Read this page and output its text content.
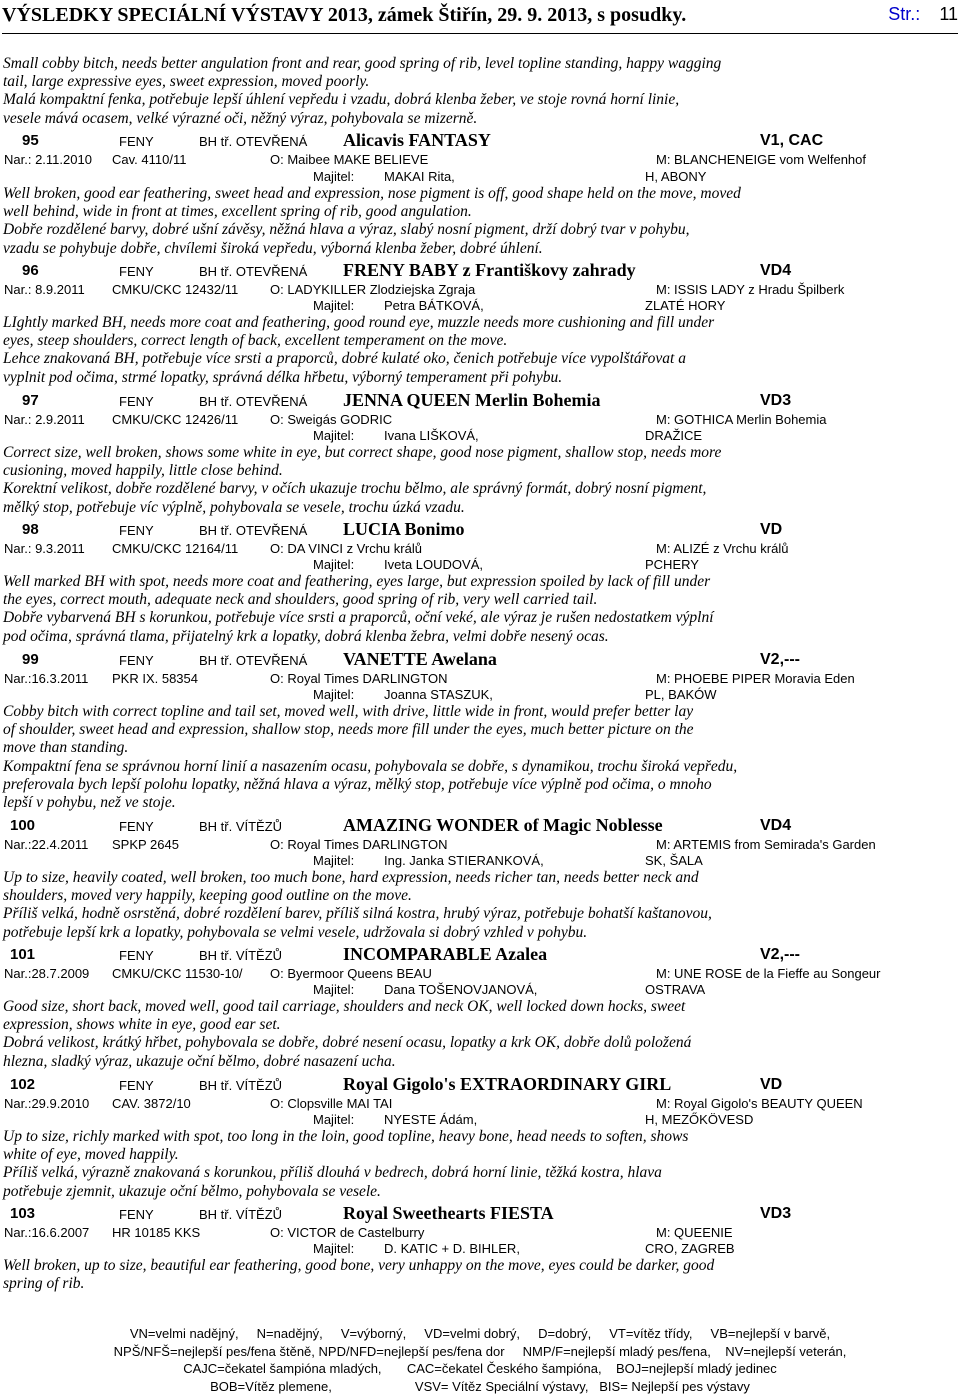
VÝSLEDKY SPECIÁLNÍ VÝSTAVY 2013, zámek Štiřín, 29. 9. 2013, s posudky.	Str.: 11
Small cobby bitch, needs better angulation front and rear, good spring of rib, level topline standing, happy wagging
tail, large expressive eyes, sweet expression, moved poorly.
Malá kompaktní fenka, potřebuje lepší úhlení vepředu i vzadu, dobrá klenba žeber, ve stoje rovná horní linie,
vesele mává ocasem, velké výrazné oči, něžný výraz, pohybovala se mizerně.
95	FENY	BH tř. OTEVŘENÁ Alicavis FANTASY	V1, CAC
Nar.: 2.11.2010 Cav. 4110/11	O: Maibee MAKE BELIEVE	M: BLANCHENEIGE vom Welfenhof
Majitel: MAKAI Rita,	H, ABONY
Well broken, good ear feathering, sweet head and expression, nose pigment is off, good shape held on the move, moved
well behind, wide in front at times, excellent spring of rib, good angulation.
Dobře rozdělené barvy, dobré ušní závěsy, něžná hlava a výraz, slabý nosní pigment, drží dobrý tvar v pohybu,
vzadu se pohybuje dobře, chvílemi široká vepředu, výborná klenba žeber, dobré úhlení.
96	FENY	BH tř. OTEVŘENÁ FRENY BABY z Františkovy zahrady	VD4
Nar.: 8.9.2011 CMKU/CKC 12432/11 O: LADYKILLER Zlodziejska Zgraja	M: ISSIS LADY z Hradu Špilberk
Majitel: Petra BÁTKOVÁ,	ZLATÉ HORY
LIghtly marked BH, needs more coat and feathering, good round eye, muzzle needs more cushioning and fill under
eyes, steep shoulders, correct length of back, excellent temperament on the move.
Lehce znakovaná BH, potřebuje více srsti a praporců, dobré kulaté oko, čenich potřebuje více vypolštářovat a
vyplnit pod očima, strmé lopatky, správná délka hřbetu, výborný temperament při pohybu.
97	FENY	BH tř. OTEVŘENÁ JENNA QUEEN Merlin Bohemia	VD3
Nar.: 2.9.2011 CMKU/CKC 12426/11 O: Sweigás GODRIC	M: GOTHICA Merlin Bohemia
Majitel: Ivana LIŠKOVÁ,	DRAŽICE
Correct size, well broken, shows some white in eye, but correct shape, good nose pigment, shallow stop, needs more
cusioning, moved happily, little close behind.
Korektní velikost, dobře rozdělené barvy, v očích ukazuje trochu bělmo, ale správný formát, dobrý nosní pigment,
mělký stop, potřebuje víc výplně, pohybovala se vesele, trochu úzká vzadu.
98	FENY	BH tř. OTEVŘENÁ LUCIA Bonimo	VD
Nar.: 9.3.2011 CMKU/CKC 12164/11 O: DA VINCI z Vrchu králů	M: ALIZÉ z Vrchu králů
Majitel: Iveta LOUDOVÁ,	PCHERY
Well marked BH with spot, needs more coat and feathering, eyes large, but expression spoiled by lack of fill under
the eyes, correct mouth, adequate neck and shoulders, good spring of rib, very well carried tail.
Dobře vybarvená BH s korunkou, potřebuje více srsti a praporců, oční veké, ale výraz je rušen nedostatkem výplní
pod očima, správná tlama, přijatelný krk a lopatky, dobrá klenba žebra, velmi dobře nesený ocas.
99	FENY	BH tř. OTEVŘENÁ VANETTE Awelana	V2,---
Nar.:16.3.2011 PKR IX. 58354	O: Royal Times DARLINGTON	M: PHOEBE PIPER Moravia Eden
Majitel: Joanna STASZUK,	PL, BAKÓW
Cobby bitch with correct topline and tail set, moved well, with drive, little wide in front, would prefer better lay
of shoulder, sweet head and expression, shallow stop, needs more fill under the eyes, much better picture on the
move than standing.
Kompaktní fena se správnou horní linií a nasazením ocasu, pohybovala se dobře, s dynamikou, trochu široká vepředu,
preferovala bych lepší polohu lopatky, něžná hlava a výraz, mělký stop, potřebuje více výplně pod očima, o mnoho
lepší v pohybu, než ve stoje.
100	FENY	BH tř. VÍTĚZŮ	AMAZING WONDER of Magic Noblesse	VD4
Nar.:22.4.2011 SPKP 2645	O: Royal Times DARLINGTON	M: ARTEMIS from Semirada's Garden
Majitel: Ing. Janka STIERANKOVÁ,	SK, ŠALA
Up to size, heavily coated, well broken, too much bone, hard expression, needs richer tan, needs better neck and
shoulders, moved very happily, keeping good outline on the move.
Příliš velká, hodně osrstěná, dobré rozdělení barev, příliš silná kostra, hrubý výraz, potřebuje bohatší kaštanovou,
potřebuje lepší krk a lopatky, pohybovala se velmi vesele, udržovala si dobrý vzhled v pohybu.
101	FENY	BH tř. VÍTĚZŮ	INCOMPARABLE Azalea	V2,---
Nar.:28.7.2009 CMKU/CKC 11530-10/ O: Byermoor Queens BEAU	M: UNE ROSE de la Fieffe au Songeur
Majitel: Dana TOŠENOVJANOVÁ,	OSTRAVA
Good size, short back, moved well, good tail carriage, shoulders and neck OK, well locked down hocks, sweet
expression, shows white in eye, good ear set.
Dobrá velikost, krátký hřbet, pohybovala se dobře, dobré nesení ocasu, lopatky a krk OK, dobře dolů položená
hlezna, sladký výraz, ukazuje oční bělmo, dobré nasazení ucha.
102	FENY	BH tř. VÍTĚZŮ	Royal Gigolo's EXTRAORDINARY GIRL	VD
Nar.:29.9.2010 CAV. 3872/10	O: Clopsville MAI TAI	M: Royal Gigolo's BEAUTY QUEEN
Majitel: NYESTE Ádám,	H, MEZŐKÖVESD
Up to size, richly marked with spot, too long in the loin, good topline, heavy bone, head needs to soften, shows
white of eye, moved happily.
Příliš velká, výrazně znakovaná s korunkou, příliš dlouhá v bedrech, dobrá horní linie, těžká kostra, hlava
potřebuje zjemnit, ukazuje oční bělmo, pohybovala se vesele.
103	FENY	BH tř. VÍTĚZŮ	Royal Sweethearts FIESTA	VD3
Nar.:16.6.2007 HR 10185 KKS	O: VICTOR de Castelburry	M: QUEENIE
Majitel: D. KATIC + D. BIHLER,	CRO, ZAGREB
Well broken, up to size, beautiful ear feathering, good bone, very unhappy on the move, eyes could be darker, good
spring of rib.
VN=velmi nadějný,     N=nadějný,     V=výborný,     VD=velmi dobrý,     D=dobrý,     VT=vítěz třídy,     VB=nejlepší v barvě,
NPŠ/NFŠ=nejlepší pes/fena štěně, NPD/NFD=nejlepší pes/fena dor     NMP/F=nejlepší mladý pes/fena,    NV=nejlepší veterán,
CAJC=čekatel šampióna mladých,       CAC=čekatel Českého šampióna,    BOJ=nejlepší mladý jedinec
BOB=Vítěz plemene,                       VSV= Vítěz Speciální výstavy,   BIS= Nejlepší pes výstavy
